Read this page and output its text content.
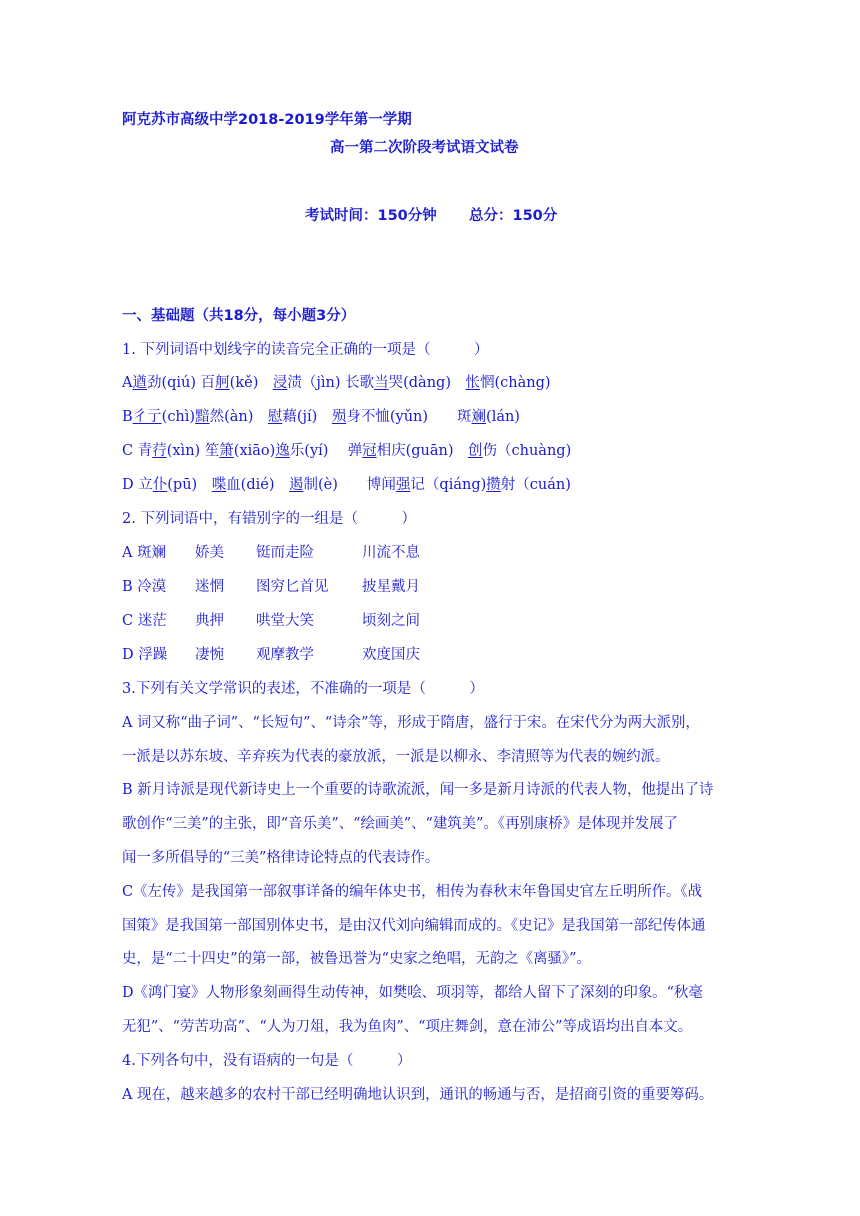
阿克苏市高级中学2018-2019学年第一学期
高一第二次阶段考试语文试卷
考试时间：150分钟 总分：150分
一、基础题（共18分，每小题3分）
1. 下列词语中划线字的读音完全正确的一项是（　　　）
A遒劲(qiú) 百舸(kě)　浸渍（jìn) 长歌当哭(dàng)　怅惘(chàng)
B彳亍(chì)黯然(àn)　慰藉(jí)　殒身不恤(yǔn)　　斑斓(lán)
C 青荇(xìn) 笙箫(xiāo)逸乐(yí)　 弹冠相庆(guān)　创伤（chuàng)
D 立仆(pū)　喋血(dié)　遏制(è)　　博闻强记（qiáng)攒射（cuán)
2. 下列词语中，有错别字的一组是（　　　）
A 斑斓 娇美 铤而走险	川流不息
B 冷漠 迷惘 图穷匕首见 披星戴月
C 迷茫 典押 哄堂大笑	顷刻之间
D 浮躁 凄惋 观摩教学	欢度国庆
3.下列有关文学常识的表述，不准确的一项是（　　　）
A 词又称“曲子词”、“长短句”、“诗余”等，形成于隋唐，盛行于宋。在宋代分为两大派别，
一派是以苏东坡、辛弃疾为代表的豪放派，一派是以柳永、李清照等为代表的婉约派。
B 新月诗派是现代新诗史上一个重要的诗歌流派，闻一多是新月诗派的代表人物，他提出了诗
歌创作“三美”的主张，即“音乐美”、“绘画美”、“建筑美”。《再别康桥》是体现并发展了
闻一多所倡导的“三美”格律诗论特点的代表诗作。
C《左传》是我国第一部叙事详备的编年体史书，相传为春秋末年鲁国史官左丘明所作。《战
国策》是我国第一部国别体史书，是由汉代刘向编辑而成的。《史记》是我国第一部纪传体通
史，是“二十四史”的第一部，被鲁迅誉为“史家之绝唱，无韵之《离骚》”。
D《鸿门宴》人物形象刻画得生动传神，如樊哙、项羽等，都给人留下了深刻的印象。“秋毫
无犯”、“劳苦功高”、“人为刀俎，我为鱼肉”、“项庄舞剑，意在沛公”等成语均出自本文。
4.下列各句中，没有语病的一句是（　　　）
A 现在，越来越多的农村干部已经明确地认识到，通讯的畅通与否，是招商引资的重要筹码。
